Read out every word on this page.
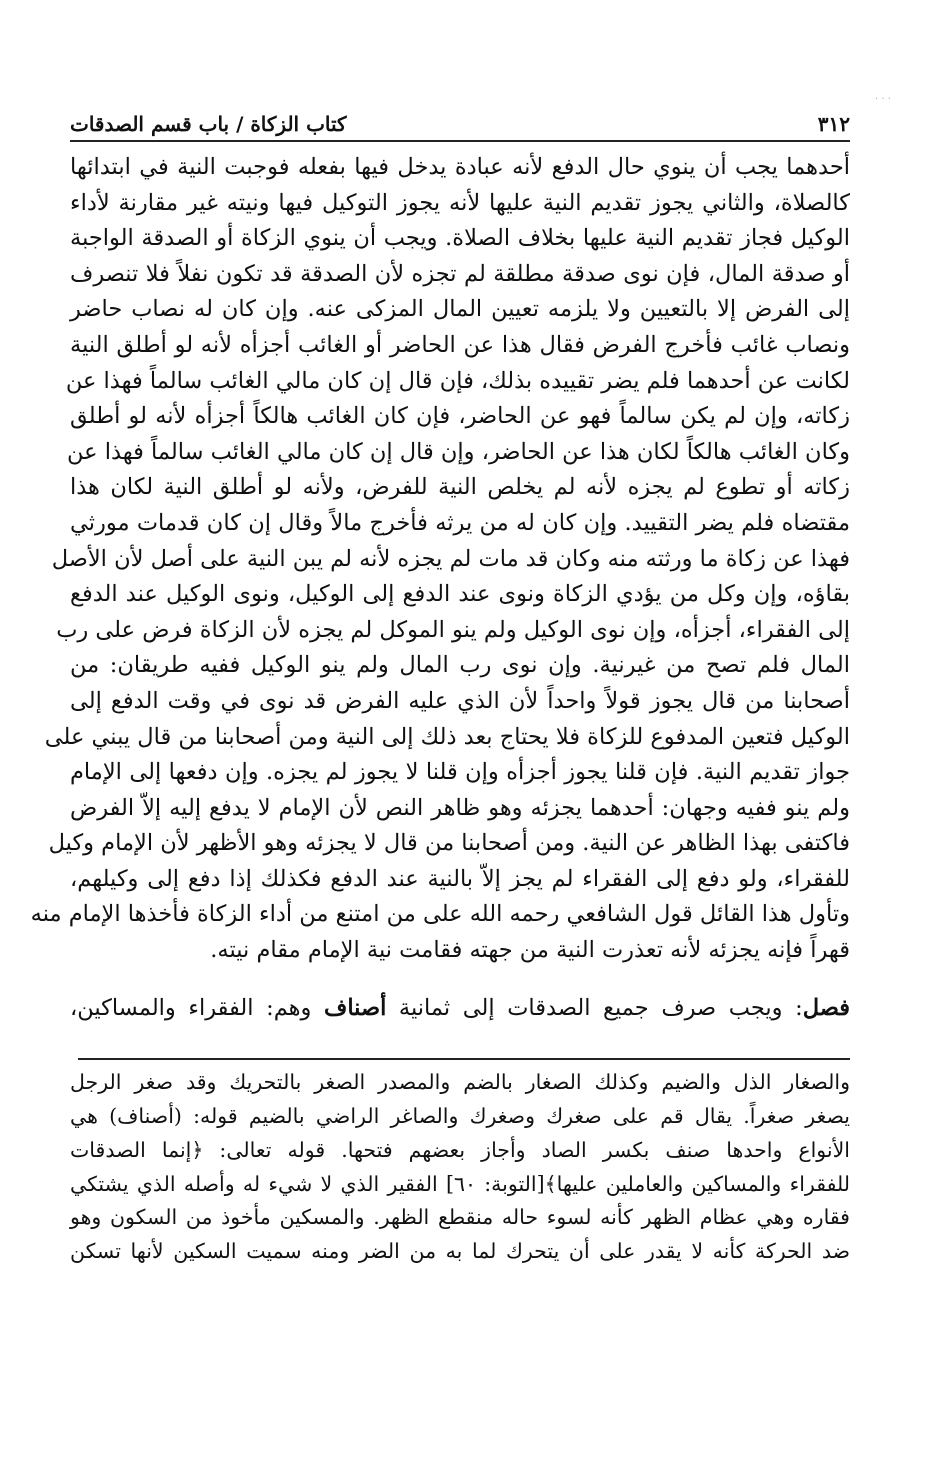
· · ·
٣١٢
كتاب الزكاة / باب قسم الصدقات
أحدهما يجب أن ينوي حال الدفع لأنه عبادة يدخل فيها بفعله فوجبت النية في ابتدائها
كالصلاة، والثاني يجوز تقديم النية عليها لأنه يجوز التوكيل فيها ونيته غير مقارنة لأداء
الوكيل فجاز تقديم النية عليها بخلاف الصلاة. ويجب أن ينوي الزكاة أو الصدقة الواجبة
أو صدقة المال، فإن نوى صدقة مطلقة لم تجزه لأن الصدقة قد تكون نفلاً فلا تنصرف
إلى الفرض إلا بالتعيين ولا يلزمه تعيين المال المزكى عنه. وإن كان له نصاب حاضر
ونصاب غائب فأخرج الفرض فقال هذا عن الحاضر أو الغائب أجزأه لأنه لو أطلق النية
لكانت عن أحدهما فلم يضر تقييده بذلك، فإن قال إن كان مالي الغائب سالماً فهذا عن
زكاته، وإن لم يكن سالماً فهو عن الحاضر، فإن كان الغائب هالكاً أجزأه لأنه لو أطلق
وكان الغائب هالكاً لكان هذا عن الحاضر، وإن قال إن كان مالي الغائب سالماً فهذا عن
زكاته أو تطوع لم يجزه لأنه لم يخلص النية للفرض، ولأنه لو أطلق النية لكان هذا
مقتضاه فلم يضر التقييد. وإن كان له من يرثه فأخرج مالاً وقال إن كان قدمات مورثي
فهذا عن زكاة ما ورثته منه وكان قد مات لم يجزه لأنه لم يبن النية على أصل لأن الأصل
بقاؤه، وإن وكل من يؤدي الزكاة ونوى عند الدفع إلى الوكيل، ونوى الوكيل عند الدفع
إلى الفقراء، أجزأه، وإن نوى الوكيل ولم ينو الموكل لم يجزه لأن الزكاة فرض على رب
المال فلم تصح من غيرنية. وإن نوى رب المال ولم ينو الوكيل ففيه طريقان: من
أصحابنا من قال يجوز قولاً واحداً لأن الذي عليه الفرض قد نوى في وقت الدفع إلى
الوكيل فتعين المدفوع للزكاة فلا يحتاج بعد ذلك إلى النية ومن أصحابنا من قال يبني على
جواز تقديم النية. فإن قلنا يجوز أجزأه وإن قلنا لا يجوز لم يجزه. وإن دفعها إلى الإمام
ولم ينو ففيه وجهان: أحدهما يجزئه وهو ظاهر النص لأن الإمام لا يدفع إليه إلاّ الفرض
فاكتفى بهذا الظاهر عن النية. ومن أصحابنا من قال لا يجزئه وهو الأظهر لأن الإمام وكيل
للفقراء، ولو دفع إلى الفقراء لم يجز إلاّ بالنية عند الدفع فكذلك إذا دفع إلى وكيلهم،
وتأول هذا القائل قول الشافعي رحمه الله على من امتنع من أداء الزكاة فأخذها الإمام منه
قهراً فإنه يجزئه لأنه تعذرت النية من جهته فقامت نية الإمام مقام نيته.
فصل: ويجب صرف جميع الصدقات إلى ثمانية أصناف وهم: الفقراء والمساكين،
والصغار الذل والضيم وكذلك الصغار بالضم والمصدر الصغر بالتحريك وقد صغر الرجل
يصغر صغراً. يقال قم على صغرك وصغرك والصاغر الراضي بالضيم قوله: (أصناف) هي
الأنواع واحدها صنف بكسر الصاد وأجاز بعضهم فتحها. قوله تعالى: ﴿إنما الصدقات
للفقراء والمساكين والعاملين عليها﴾[التوبة: ٦٠] الفقير الذي لا شيء له وأصله الذي يشتكي
فقاره وهي عظام الظهر كأنه لسوء حاله منقطع الظهر. والمسكين مأخوذ من السكون وهو
ضد الحركة كأنه لا يقدر على أن يتحرك لما به من الضر ومنه سميت السكين لأنها تسكن
